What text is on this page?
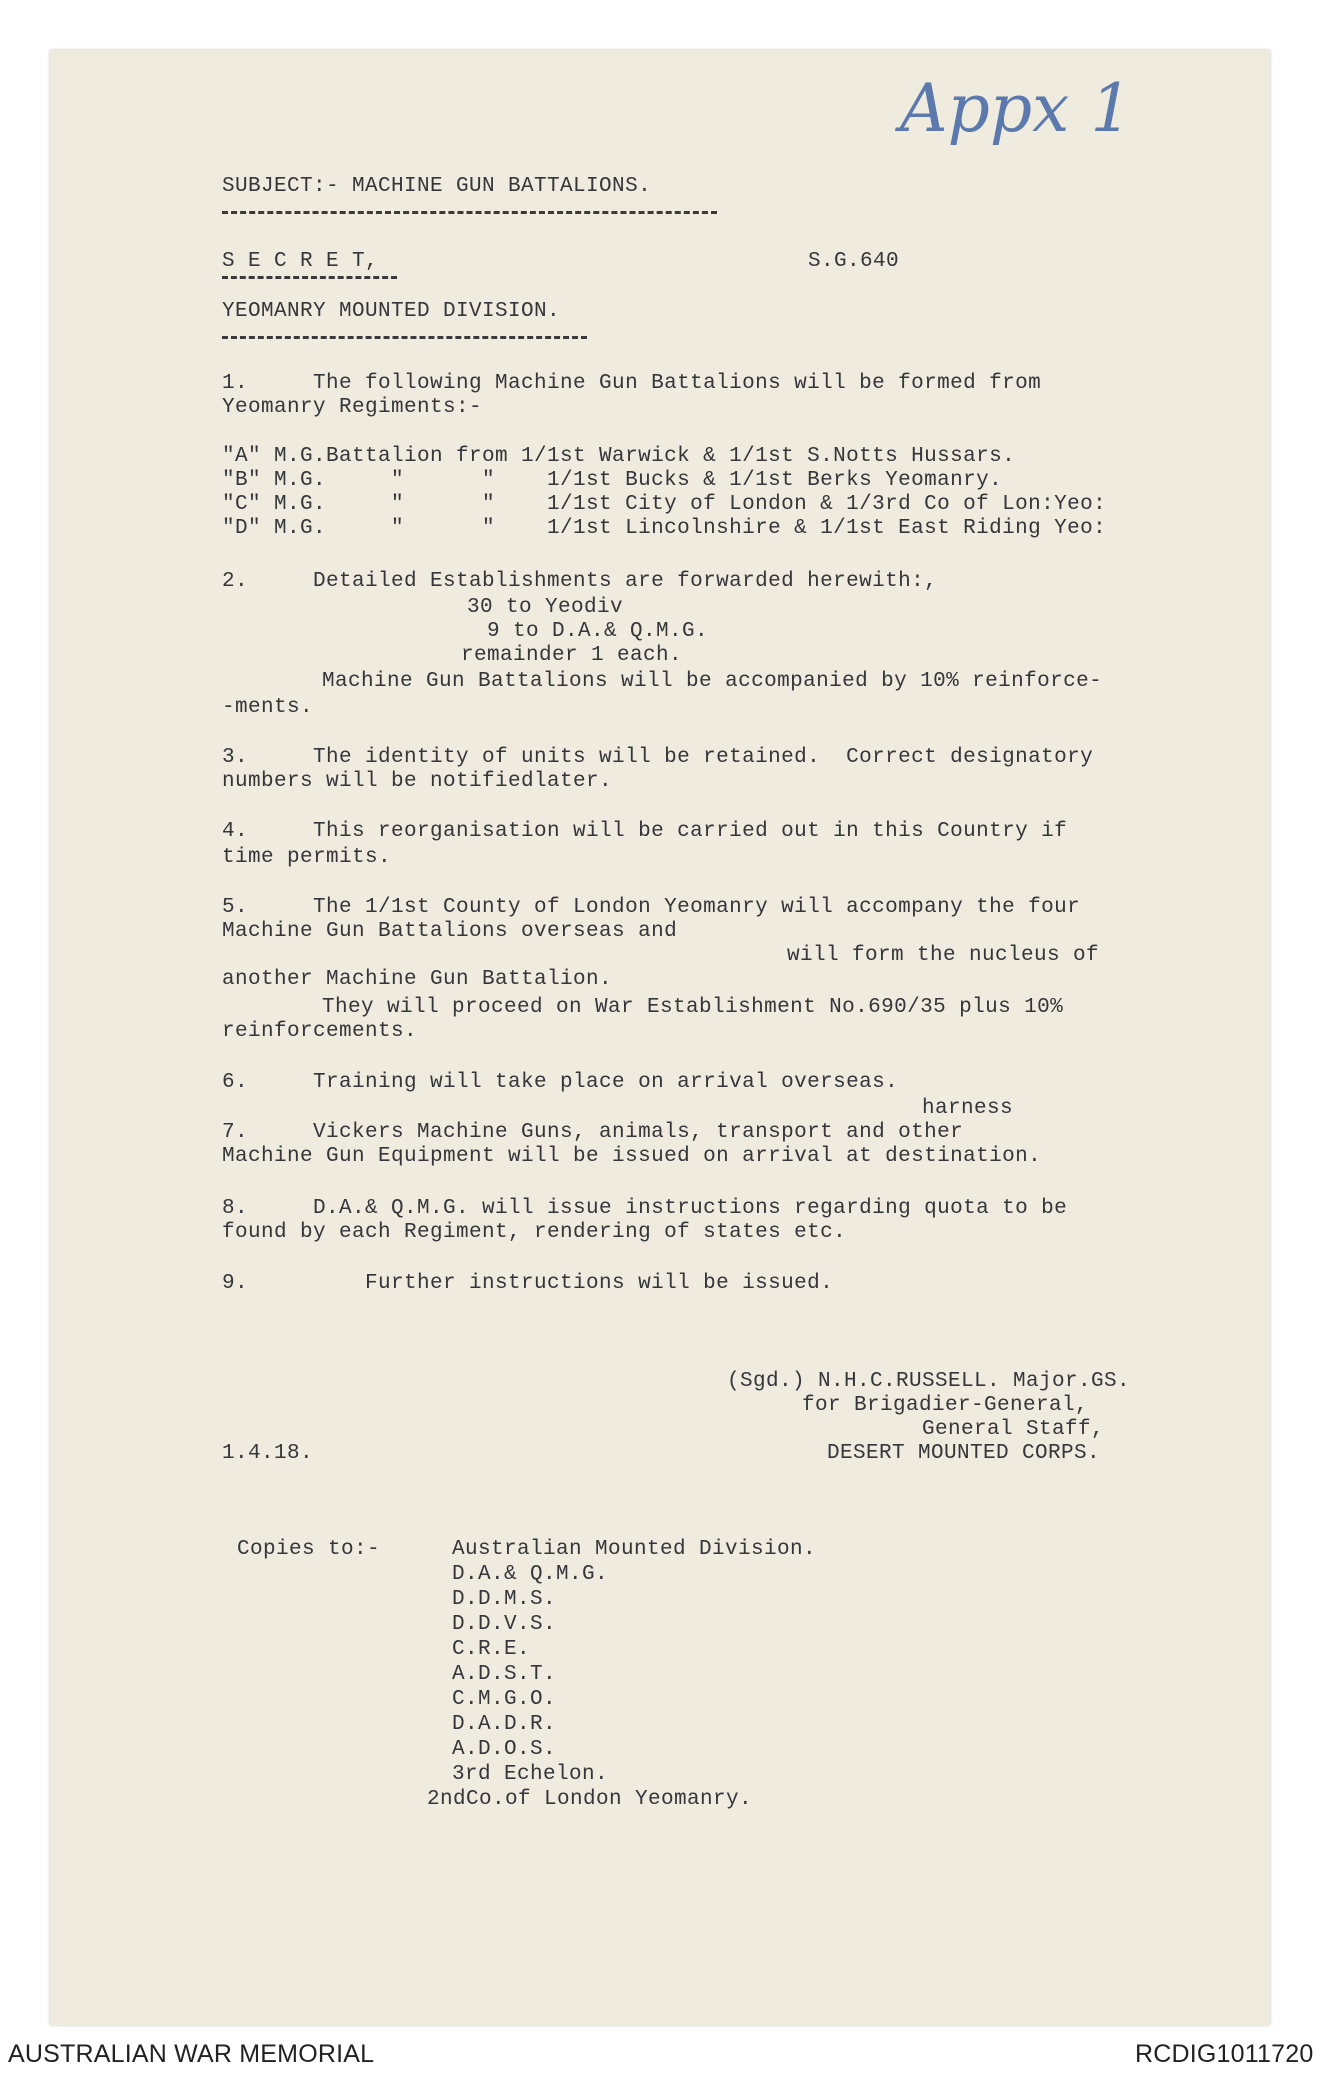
Appx 1
SUBJECT:- MACHINE GUN BATTALIONS.
S E C R E T,	S.G.640
YEOMANRY MOUNTED DIVISION.
1.     The following Machine Gun Battalions will be formed from
Yeomanry Regiments:-
"A" M.G.Battalion from 1/1st Warwick & 1/1st S.Notts Hussars.
"B" M.G.     "      "    1/1st Bucks & 1/1st Berks Yeomanry.
"C" M.G.     "      "    1/1st City of London & 1/3rd Co of Lon:Yeo:
"D" M.G.     "      "    1/1st Lincolnshire & 1/1st East Riding Yeo:
2.     Detailed Establishments are forwarded herewith:,
30 to Yeodiv
9 to D.A.& Q.M.G.
remainder 1 each.
Machine Gun Battalions will be accompanied by 10% reinforce-
-ments.
3.     The identity of units will be retained.  Correct designatory
numbers will be notifiedlater.
4.     This reorganisation will be carried out in this Country if
time permits.
5.     The 1/1st County of London Yeomanry will accompany the four
Machine Gun Battalions overseas and
will form the nucleus of
another Machine Gun Battalion.
They will proceed on War Establishment No.690/35 plus 10%
reinforcements.
6.     Training will take place on arrival overseas.
harness
7.     Vickers Machine Guns, animals, transport and other
Machine Gun Equipment will be issued on arrival at destination.
8.     D.A.& Q.M.G. will issue instructions regarding quota to be
found by each Regiment, rendering of states etc.
9.         Further instructions will be issued.
(Sgd.) N.H.C.RUSSELL. Major.GS.
for Brigadier-General,
General Staff,
DESERT MOUNTED CORPS.
1.4.18.
Copies to:-	Australian Mounted Division.
D.A.& Q.M.G.
D.D.M.S.
D.D.V.S.
C.R.E.
A.D.S.T.
C.M.G.O.
D.A.D.R.
A.D.O.S.
3rd Echelon.
2ndCo.of London Yeomanry.
AUSTRALIAN WAR MEMORIAL	RCDIG1011720
